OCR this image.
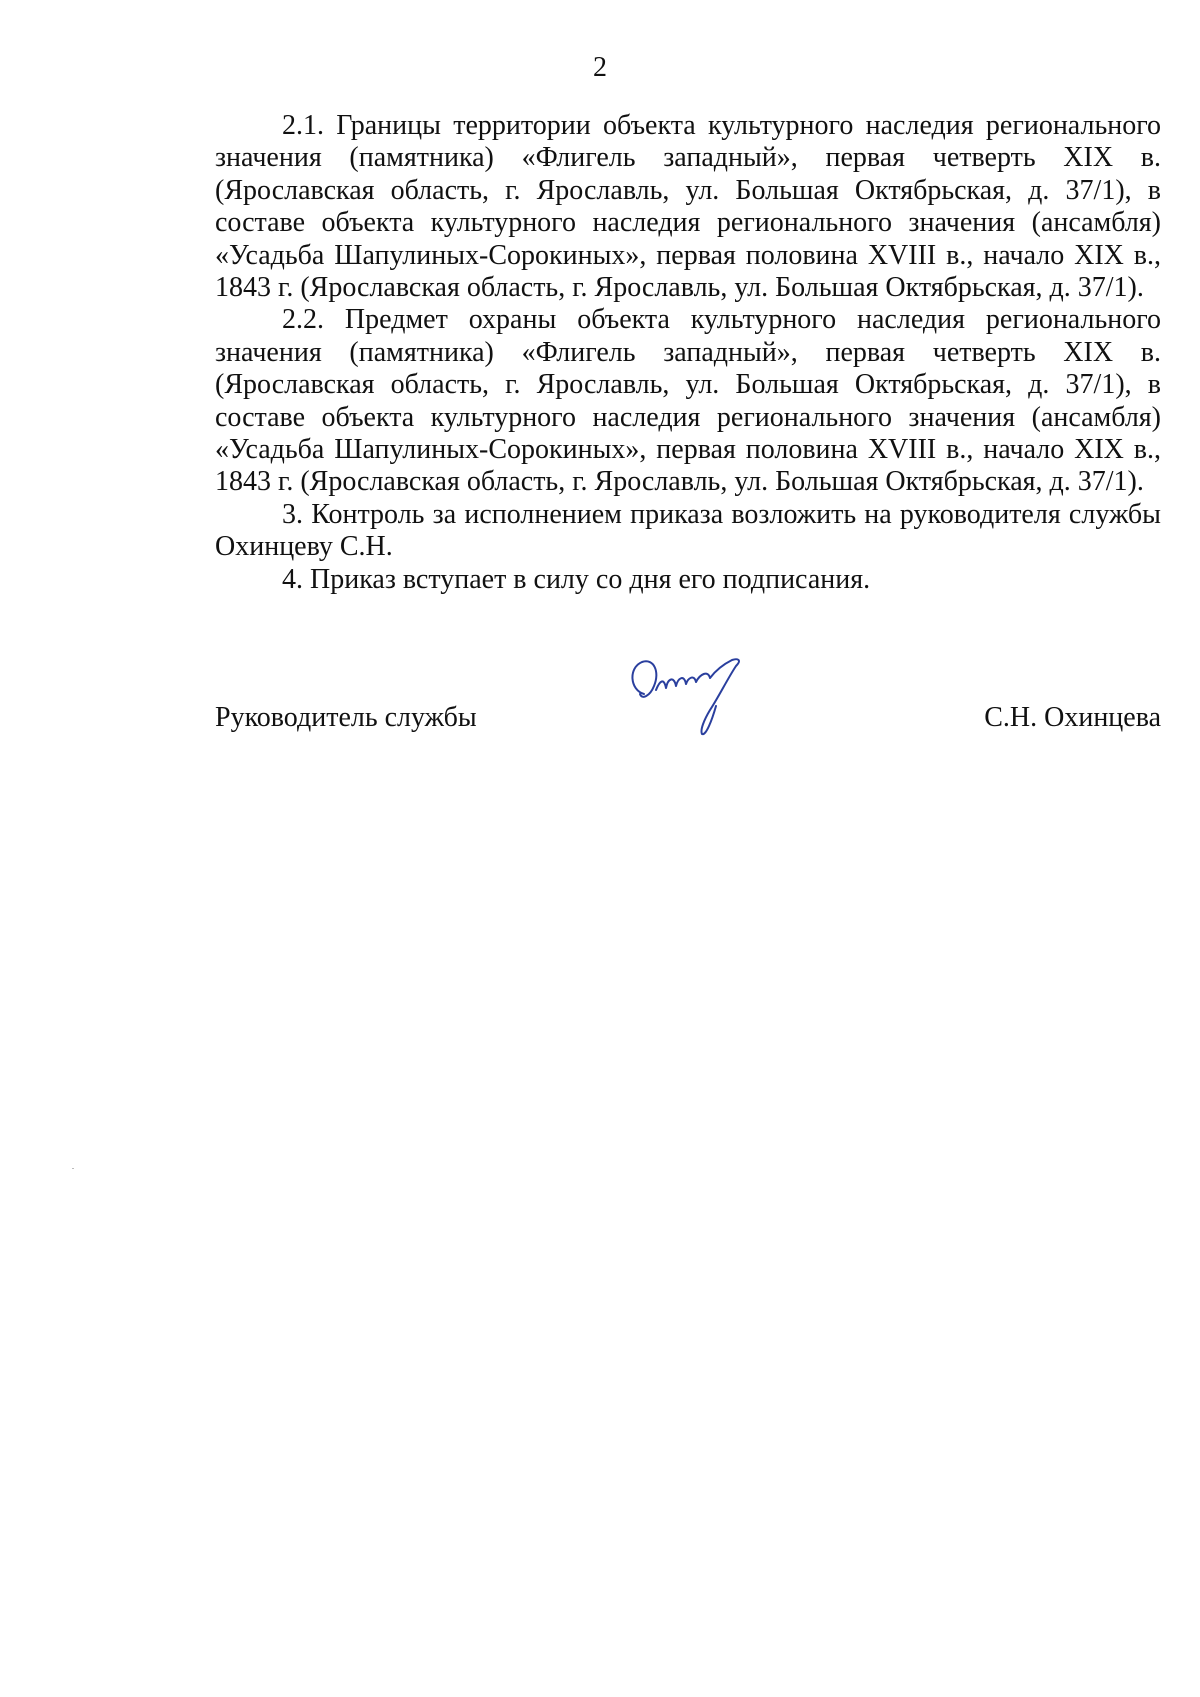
2

2.1. Границы территории объекта культурного наследия регионального значения (памятника) «Флигель западный», первая четверть XIX в. (Ярославская область, г. Ярославль, ул. Большая Октябрьская, д. 37/1), в составе объекта культурного наследия регионального значения (ансамбля) «Усадьба Шапулиных-Сорокиных», первая половина XVIII в., начало XIX в., 1843 г. (Ярославская область, г. Ярославль, ул. Большая Октябрьская, д. 37/1).

2.2. Предмет охраны объекта культурного наследия регионального значения (памятника) «Флигель западный», первая четверть XIX в. (Ярославская область, г. Ярославль, ул. Большая Октябрьская, д. 37/1), в составе объекта культурного наследия регионального значения (ансамбля) «Усадьба Шапулиных-Сорокиных», первая половина XVIII в., начало XIX в., 1843 г. (Ярославская область, г. Ярославль, ул. Большая Октябрьская, д. 37/1).

3. Контроль за исполнением приказа возложить на руководителя службы Охинцеву С.Н.

4. Приказ вступает в силу со дня его подписания.

Руководитель службы	С.Н. Охинцева
